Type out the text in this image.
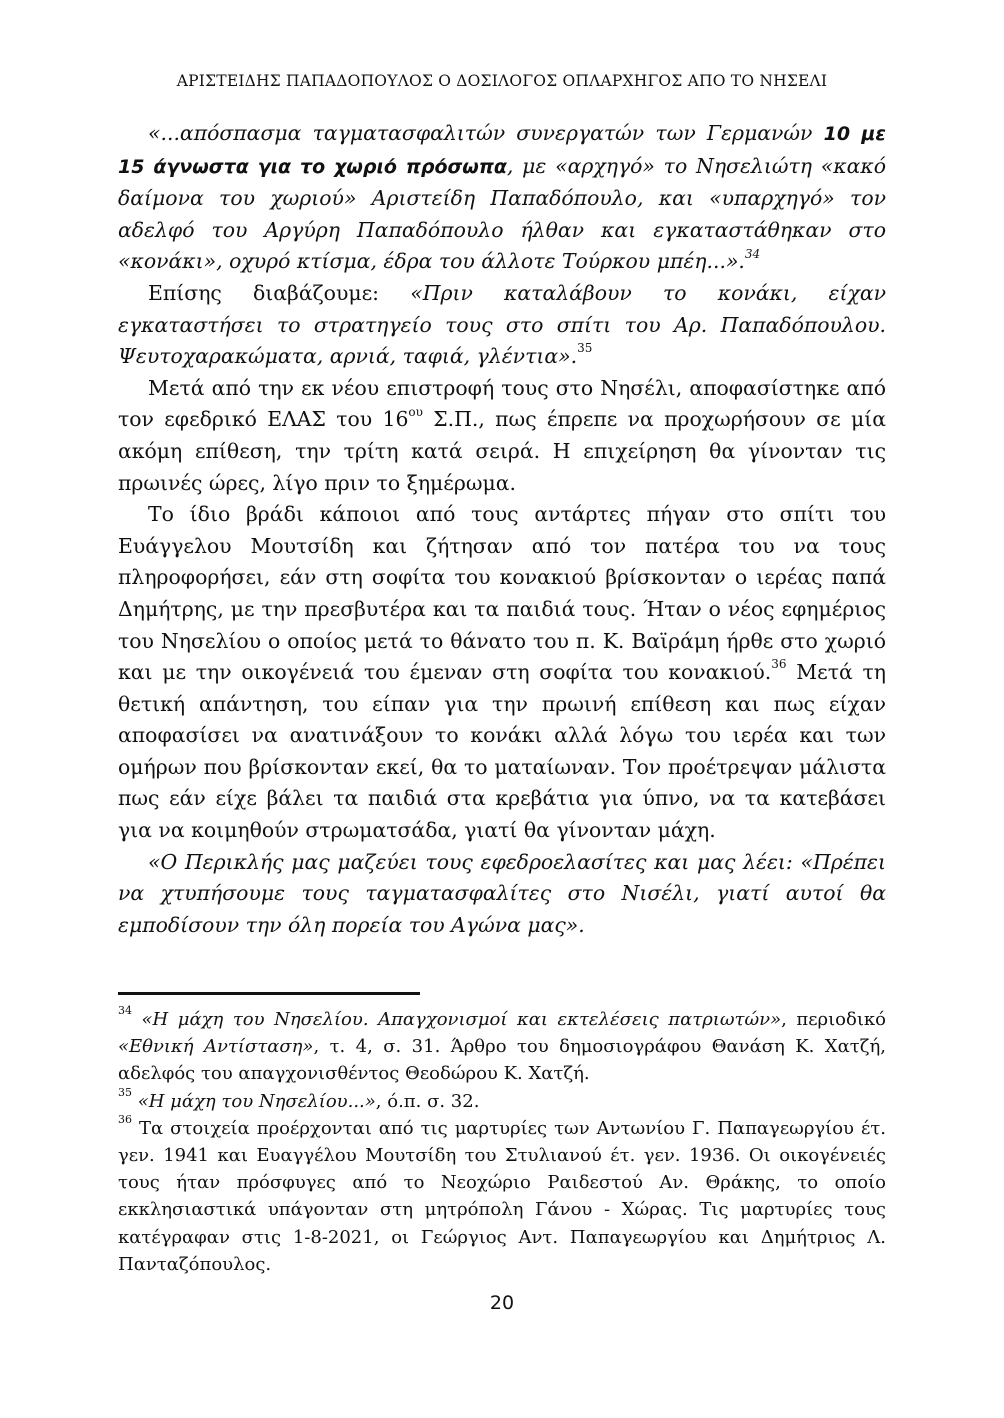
ΑΡΙΣΤΕΙΔΗΣ ΠΑΠΑΔΟΠΟΥΛΟΣ Ο ΔΟΣΙΛΟΓΟΣ ΟΠΛΑΡΧΗΓΟΣ ΑΠΟ ΤΟ ΝΗΣΕΛΙ

«...απόσπασμα ταγματασφαλιτών συνεργατών των Γερμανών 10 με 15 άγνωστα για το χωριό πρόσωπα, με «αρχηγό» το Νησελιώτη «κακό δαίμονα του χωριού» Αριστείδη Παπαδόπουλο, και «υπαρχηγό» τον αδελφό του Αργύρη Παπαδόπουλο ήλθαν και εγκαταστάθηκαν στο «κονάκι», οχυρό κτίσμα, έδρα του άλλοτε Τούρκου μπέη...».$^{34}$

Επίσης διαβάζουμε: «Πριν καταλάβουν το κονάκι, είχαν εγκαταστήσει το στρατηγείο τους στο σπίτι του Αρ. Παπαδόπουλου. Ψευτοχαρακώματα, αρνιά, ταφιά, γλέντια».$^{35}$

Μετά από την εκ νέου επιστροφή τους στο Νησέλι, αποφασίστηκε από τον εφεδρικό ΕΛΑΣ του $16^{o\upsilon}$ Σ.Π., πως έπρεπε να προχωρήσουν σε μία ακόμη επίθεση, την τρίτη κατά σειρά. Η επιχείρηση θα γίνονταν τις πρωινές ώρες, λίγο πριν το ξημέρωμα.

Το ίδιο βράδι κάποιοι από τους αντάρτες πήγαν στο σπίτι του Ευάγγελου Μουτσίδη και ζήτησαν από τον πατέρα του να τους πληροφορήσει, εάν στη σοφίτα του κονακιού βρίσκονταν ο ιερέας παπά Δημήτρης, με την πρεσβυτέρα και τα παιδιά τους. Ήταν ο νέος εφημέριος του Νησελίου ο οποίος μετά το θάνατο του π. Κ. Βαϊράμη ήρθε στο χωριό και με την οικογένειά του έμεναν στη σοφίτα του κονακιού.$^{36}$ Μετά τη θετική απάντηση, του είπαν για την πρωινή επίθεση και πως είχαν αποφασίσει να ανατινάξουν το κονάκι αλλά λόγω του ιερέα και των ομήρων που βρίσκονταν εκεί, θα το ματαίωναν. Τον προέτρεψαν μάλιστα πως εάν είχε βάλει τα παιδιά στα κρεβάτια για ύπνο, να τα κατεβάσει για να κοιμηθούν στρωματσάδα, γιατί θα γίνονταν μάχη.

«Ο Περικλής μας μαζεύει τους εφεδροελασίτες και μας λέει: «Πρέπει να χτυπήσουμε τους ταγματασφαλίτες στο Νισέλι, γιατί αυτοί θα εμποδίσουν την όλη πορεία του Αγώνα μας».

$^{34}$ «Η μάχη του Νησελίου. Απαγχονισμοί και εκτελέσεις πατριωτών», περιοδικό «Εθνική Αντίσταση», τ. 4, σ. 31. Άρθρο του δημοσιογράφου Θανάση Κ. Χατζή, αδελφός του απαγχονισθέντος Θεοδώρου Κ. Χατζή.

$^{35}$ «Η μάχη του Νησελίου...», ό.π. σ. 32.

$^{36}$ Τα στοιχεία προέρχονται από τις μαρτυρίες των Αντωνίου Γ. Παπαγεωργίου έτ. γεν. 1941 και Ευαγγέλου Μουτσίδη του Στυλιανού έτ. γεν. 1936. Οι οικογένειές τους ήταν πρόσφυγες από το Νεοχώριο Ραιδεστού Αν. Θράκης, το οποίο εκκλησιαστικά υπάγονταν στη μητρόπολη Γάνου - Χώρας. Τις μαρτυρίες τους κατέγραφαν στις 1-8-2021, οι Γεώργιος Αντ. Παπαγεωργίου και Δημήτριος Λ. Πανταζόπουλος.

20
